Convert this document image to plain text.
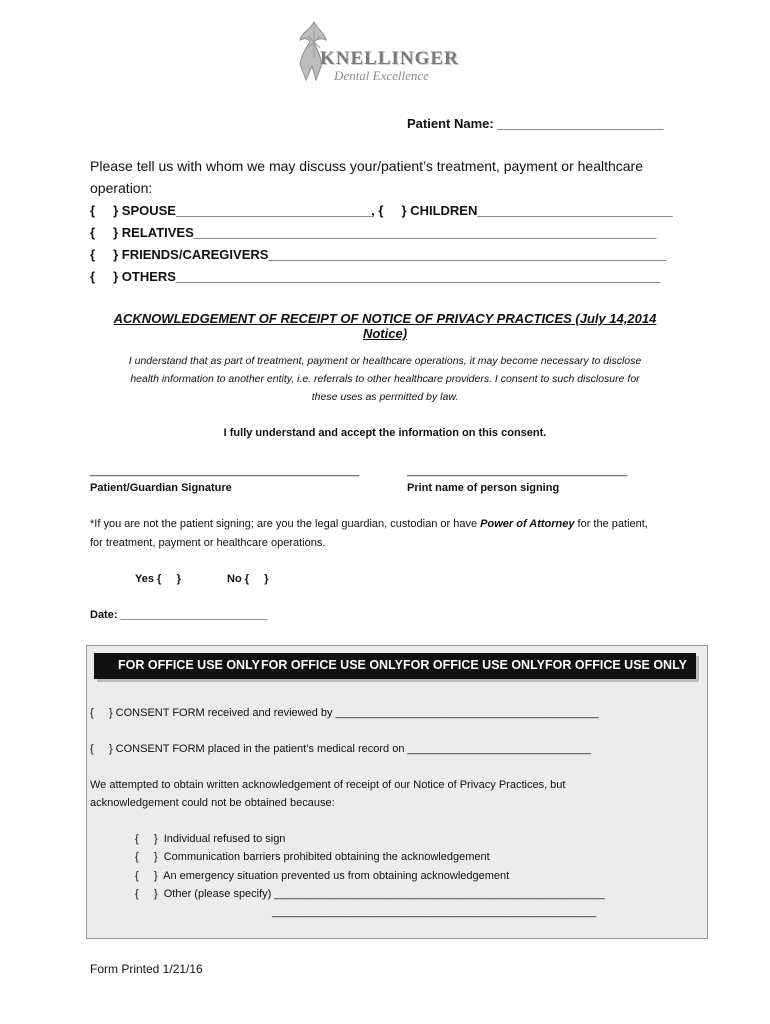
KNELLINGER
Dental Excellence
Patient Name: _______________________
Please tell us with whom we may discuss your/patient’s treatment, payment or healthcare
operation:
{     } SPOUSE___________________________, {     } CHILDREN___________________________
{     } RELATIVES________________________________________________________________
{     } FRIENDS/CAREGIVERS_______________________________________________________
{     } OTHERS___________________________________________________________________
ACKNOWLEDGEMENT OF RECEIPT OF NOTICE OF PRIVACY PRACTICES (July 14,2014 Notice)
I understand that as part of treatment, payment or healthcare operations, it may become necessary to disclose
health information to another entity, i.e. referrals to other healthcare providers. I consent to such disclosure for
these uses as permitted by law.
I fully understand and accept the information on this consent.
____________________________________________	____________________________________
Patient/Guardian Signature	Print name of person signing
*If you are not the patient signing; are you the legal guardian, custodian or have Power of Attorney for the patient,
for treatment, payment or healthcare operations.
Yes {     }	No {     }
Date: ________________________
FOR OFFICE USE ONLY FOR OFFICE USE ONLY FOR OFFICE USE ONLY FOR OFFICE USE ONLY
{     } CONSENT FORM received and reviewed by ___________________________________________
{     } CONSENT FORM placed in the patient’s medical record on ______________________________
We attempted to obtain written acknowledgement of receipt of our Notice of Privacy Practices, but
acknowledgement could not be obtained because:
{     }  Individual refused to sign
{     }  Communication barriers prohibited obtaining the acknowledgement
{     }  An emergency situation prevented us from obtaining acknowledgement
{     }  Other (please specify) ______________________________________________________
_____________________________________________________
Form Printed 1/21/16
